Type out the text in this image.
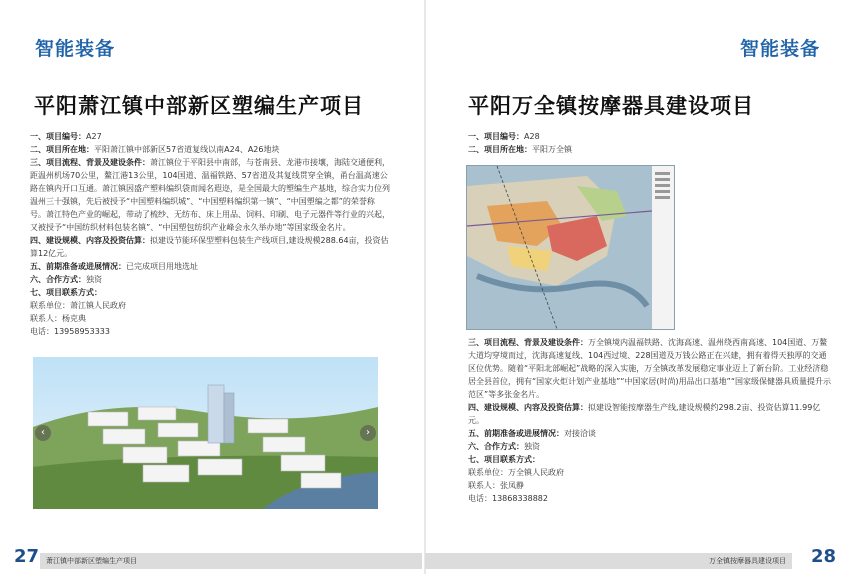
智能装备
平阳萧江镇中部新区塑编生产项目
一、项目编号：A27
二、项目所在地：平阳萧江镇中部新区57省道复线以南A24、A26地块
三、项目流程、背景及建设条件：萧江镇位于平阳县中南部，与苍南县、龙港市接壤，海陆交通便利，距温州机场70公里，鳌江港13公里，104国道、温福铁路、57省道及其复线贯穿全镇，甬台温高速公路在镇内开口互通。萧江镇因盛产塑料编织袋而闻名遐迩，是全国最大的塑编生产基地，综合实力位列温州三十强镇，先后被授予“中国塑料编织城”、“中国塑料编织第一镇”、“中国塑编之都”的荣誉称号。萧江特色产业的崛起，带动了梳纱、无纺布、床上用品、饲料、印刷、电子元器件等行业的兴起，又被授予“中国纺织材料包装名镇”、“中国塑包纺织产业峰会永久举办地”等国家级金名片。
四、建设规模、内容及投资估算：拟建设节能环保型塑料包装生产线项目,建设规模288.64亩，投资估算12亿元。
五、前期准备或进展情况：已完成项目用地选址
六、合作方式：独资
七、项目联系方式：
联系单位：萧江镇人民政府
联系人：杨克典
电话：13958953333
‹	›
27 萧江镇中部新区塑编生产项目
智能装备
平阳万全镇按摩器具建设项目
一、项目编号：A28
二、项目所在地：平阳万全镇
三、项目流程、背景及建设条件：万全镇境内温福铁路、沈海高速、温州绕西南高速、104国道、万鳌大道均穿境而过，沈海高速复线、104西过境、228国道及万钱公路正在兴建，拥有着得天独厚的交通区位优势。随着“平阳北部崛起”战略的深入实施，万全镇改革发展稳定事业迈上了新台阶。工业经济稳居全县首位，拥有“国家火炬计划产业基地”“中国家居(时尚)用品出口基地”“国家级保健器具质量提升示范区”等多张金名片。
四、建设规模、内容及投资估算：拟建设智能按摩器生产线,建设规模约298.2亩、投资估算11.99亿元。
五、前期准备或进展情况：对接洽谈
六、合作方式：独资
七、项目联系方式：
联系单位：万全镇人民政府
联系人：张凤静
电话：13868338882
万全镇按摩器具建设项目	28
